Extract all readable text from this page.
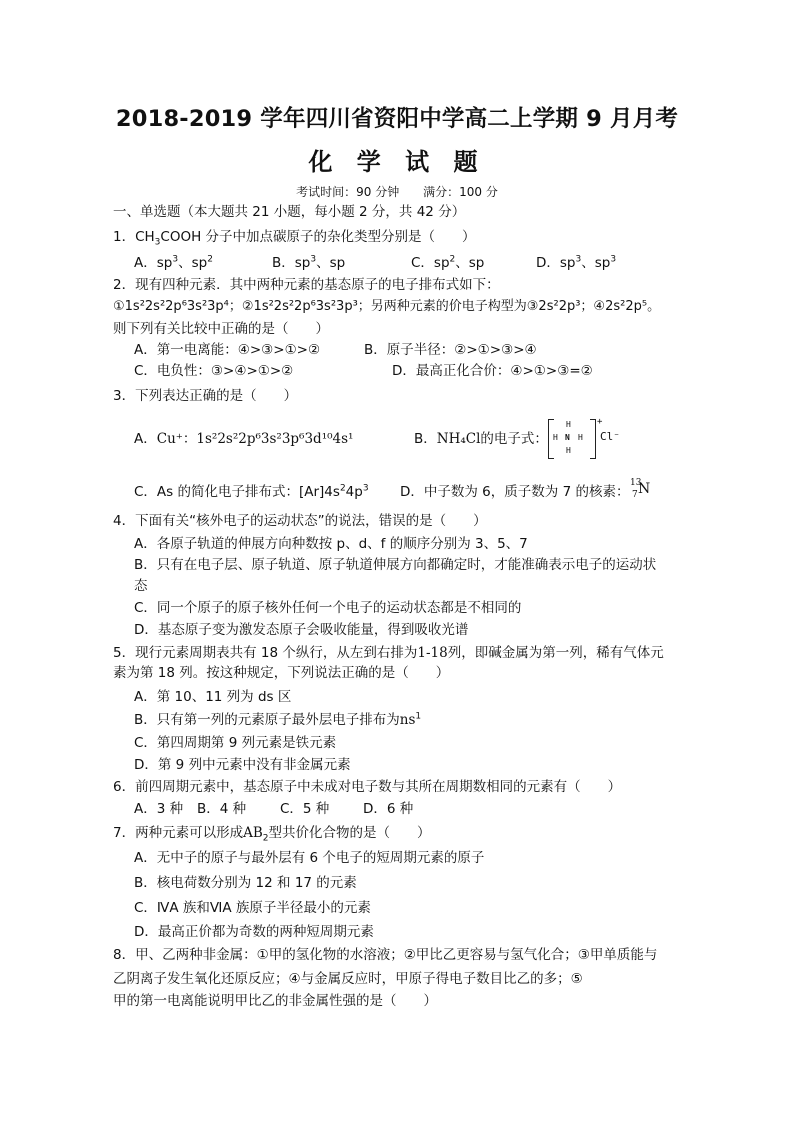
2018-2019 学年四川省资阳中学高二上学期 9 月月考
化 学 试 题
考试时间：90 分钟 满分：100 分
一、单选题（本大题共 21 小题，每小题 2 分，共 42 分）
1．$CH_3COOH$ 分子中加点碳原子的杂化类型分别是（　　）
A．$sp^3$、$sp^2$	B．$sp^3$、sp	C．$sp^2$、sp	D．$sp^3$、$sp^3$
2．现有四种元素．其中两种元素的基态原子的电子排布式如下：
①1s²2s²2p⁶3s²3p⁴；②1s²2s²2p⁶3s²3p³；另两种元素的价电子构型为③2s²2p³；④2s²2p⁵。
则下列有关比较中正确的是（　　）
A．第一电离能：④>③>①>②	B．原子半径：②>①>③>④
C．电负性：③>④>①>②	D．最高正化合价：④>①>③=②
3．下列表达正确的是（　　）
A．Cu⁺：1s²2s²2p⁶3s²3p⁶3d¹⁰4s¹	B．NH₄Cl的电子式：
H
H N H
H
+
Cl⁻
C．As 的简化电子排布式：$[Ar]4s^24p^3$ D．中子数为 6，质子数为 7 的核素：
13
7 N
4．下面有关“核外电子的运动状态”的说法，错误的是（　　）
A．各原子轨道的伸展方向种数按 p、d、f 的顺序分别为 3、5、7
B．只有在电子层、原子轨道、原子轨道伸展方向都确定时，才能准确表示电子的运动状
态
C．同一个原子的原子核外任何一个电子的运动状态都是不相同的
D．基态原子变为激发态原子会吸收能量，得到吸收光谱
5．现行元素周期表共有 18 个纵行，从左到右排为1-18列，即碱金属为第一列，稀有气体元
素为第 18 列。按这种规定，下列说法正确的是（　　）
A．第 10、11 列为 ds 区
B．只有第一列的元素原子最外层电子排布为$ns^1$
C．第四周期第 9 列元素是铁元素
D．第 9 列中元素中没有非金属元素
6．前四周期元素中，基态原子中未成对电子数与其所在周期数相同的元素有（　　）
A．3 种 B．4 种	C．5 种 D．6 种
7．两种元素可以形成$AB_2$型共价化合物的是（　　）
A．无中子的原子与最外层有 6 个电子的短周期元素的原子
B．核电荷数分别为 12 和 17 的元素
C．ⅣA 族和ⅥA 族原子半径最小的元素
D．最高正价都为奇数的两种短周期元素
8．甲、乙两种非金属：①甲的氢化物的水溶液；②甲比乙更容易与氢气化合；③甲单质能与
乙阴离子发生氧化还原反应；④与金属反应时，甲原子得电子数目比乙的多；⑤
甲的第一电离能说明甲比乙的非金属性强的是（　　）
